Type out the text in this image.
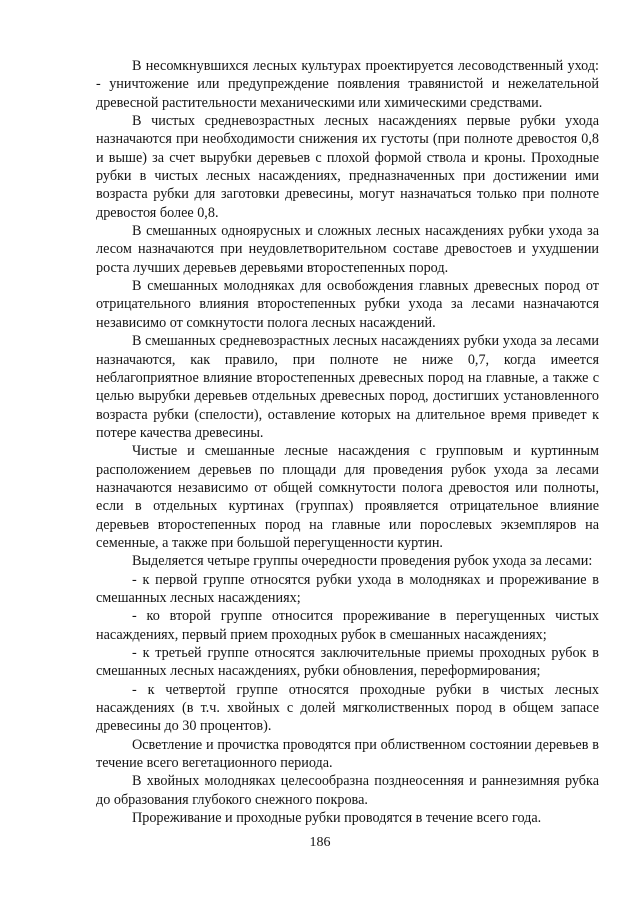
В несомкнувшихся лесных культурах проектируется лесоводственный уход: - уничтожение или предупреждение появления травянистой и нежелательной древесной растительности механическими или химическими средствами.

В чистых средневозрастных лесных насаждениях первые рубки ухода назначаются при необходимости снижения их густоты (при полноте древостоя 0,8 и выше) за счет вырубки деревьев с плохой формой ствола и кроны. Проходные рубки в чистых лесных насаждениях, предназначенных при достижении ими возраста рубки для заготовки древесины, могут назначаться только при полноте древостоя более 0,8.

В смешанных одноярусных и сложных лесных насаждениях рубки ухода за лесом назначаются при неудовлетворительном составе древостоев и ухудшении роста лучших деревьев деревьями второстепенных пород.

В смешанных молодняках для освобождения главных древесных пород от отрицательного влияния второстепенных рубки ухода за лесами назначаются независимо от сомкнутости полога лесных насаждений.

В смешанных средневозрастных лесных насаждениях рубки ухода за лесами назначаются, как правило, при полноте не ниже 0,7, когда имеется неблагоприятное влияние второстепенных древесных пород на главные, а также с целью вырубки деревьев отдельных древесных пород, достигших установленного возраста рубки (спелости), оставление которых на длительное время приведет к потере качества древесины.

Чистые и смешанные лесные насаждения с групповым и куртинным расположением деревьев по площади для проведения рубок ухода за лесами назначаются независимо от общей сомкнутости полога древостоя или полноты, если в отдельных куртинах (группах) проявляется отрицательное влияние деревьев второстепенных пород на главные или порослевых экземпляров на семенные, а также при большой перегущенности куртин.

Выделяется четыре группы очередности проведения рубок ухода за лесами:

- к первой группе относятся рубки ухода в молодняках и прореживание в смешанных лесных насаждениях;

- ко второй группе относится прореживание в перегущенных чистых насаждениях, первый прием проходных рубок в смешанных насаждениях;

- к третьей группе относятся заключительные приемы проходных рубок в смешанных лесных насаждениях, рубки обновления, переформирования;

- к четвертой группе относятся проходные рубки в чистых лесных насаждениях (в т.ч. хвойных с долей мягколиственных пород в общем запасе древесины до 30 процентов).

Осветление и прочистка проводятся при облиственном состоянии деревьев в течение всего вегетационного периода.

В хвойных молодняках целесообразна позднеосенняя и раннезимняя рубка до образования глубокого снежного покрова.

Прореживание и проходные рубки проводятся в течение всего года.

186
